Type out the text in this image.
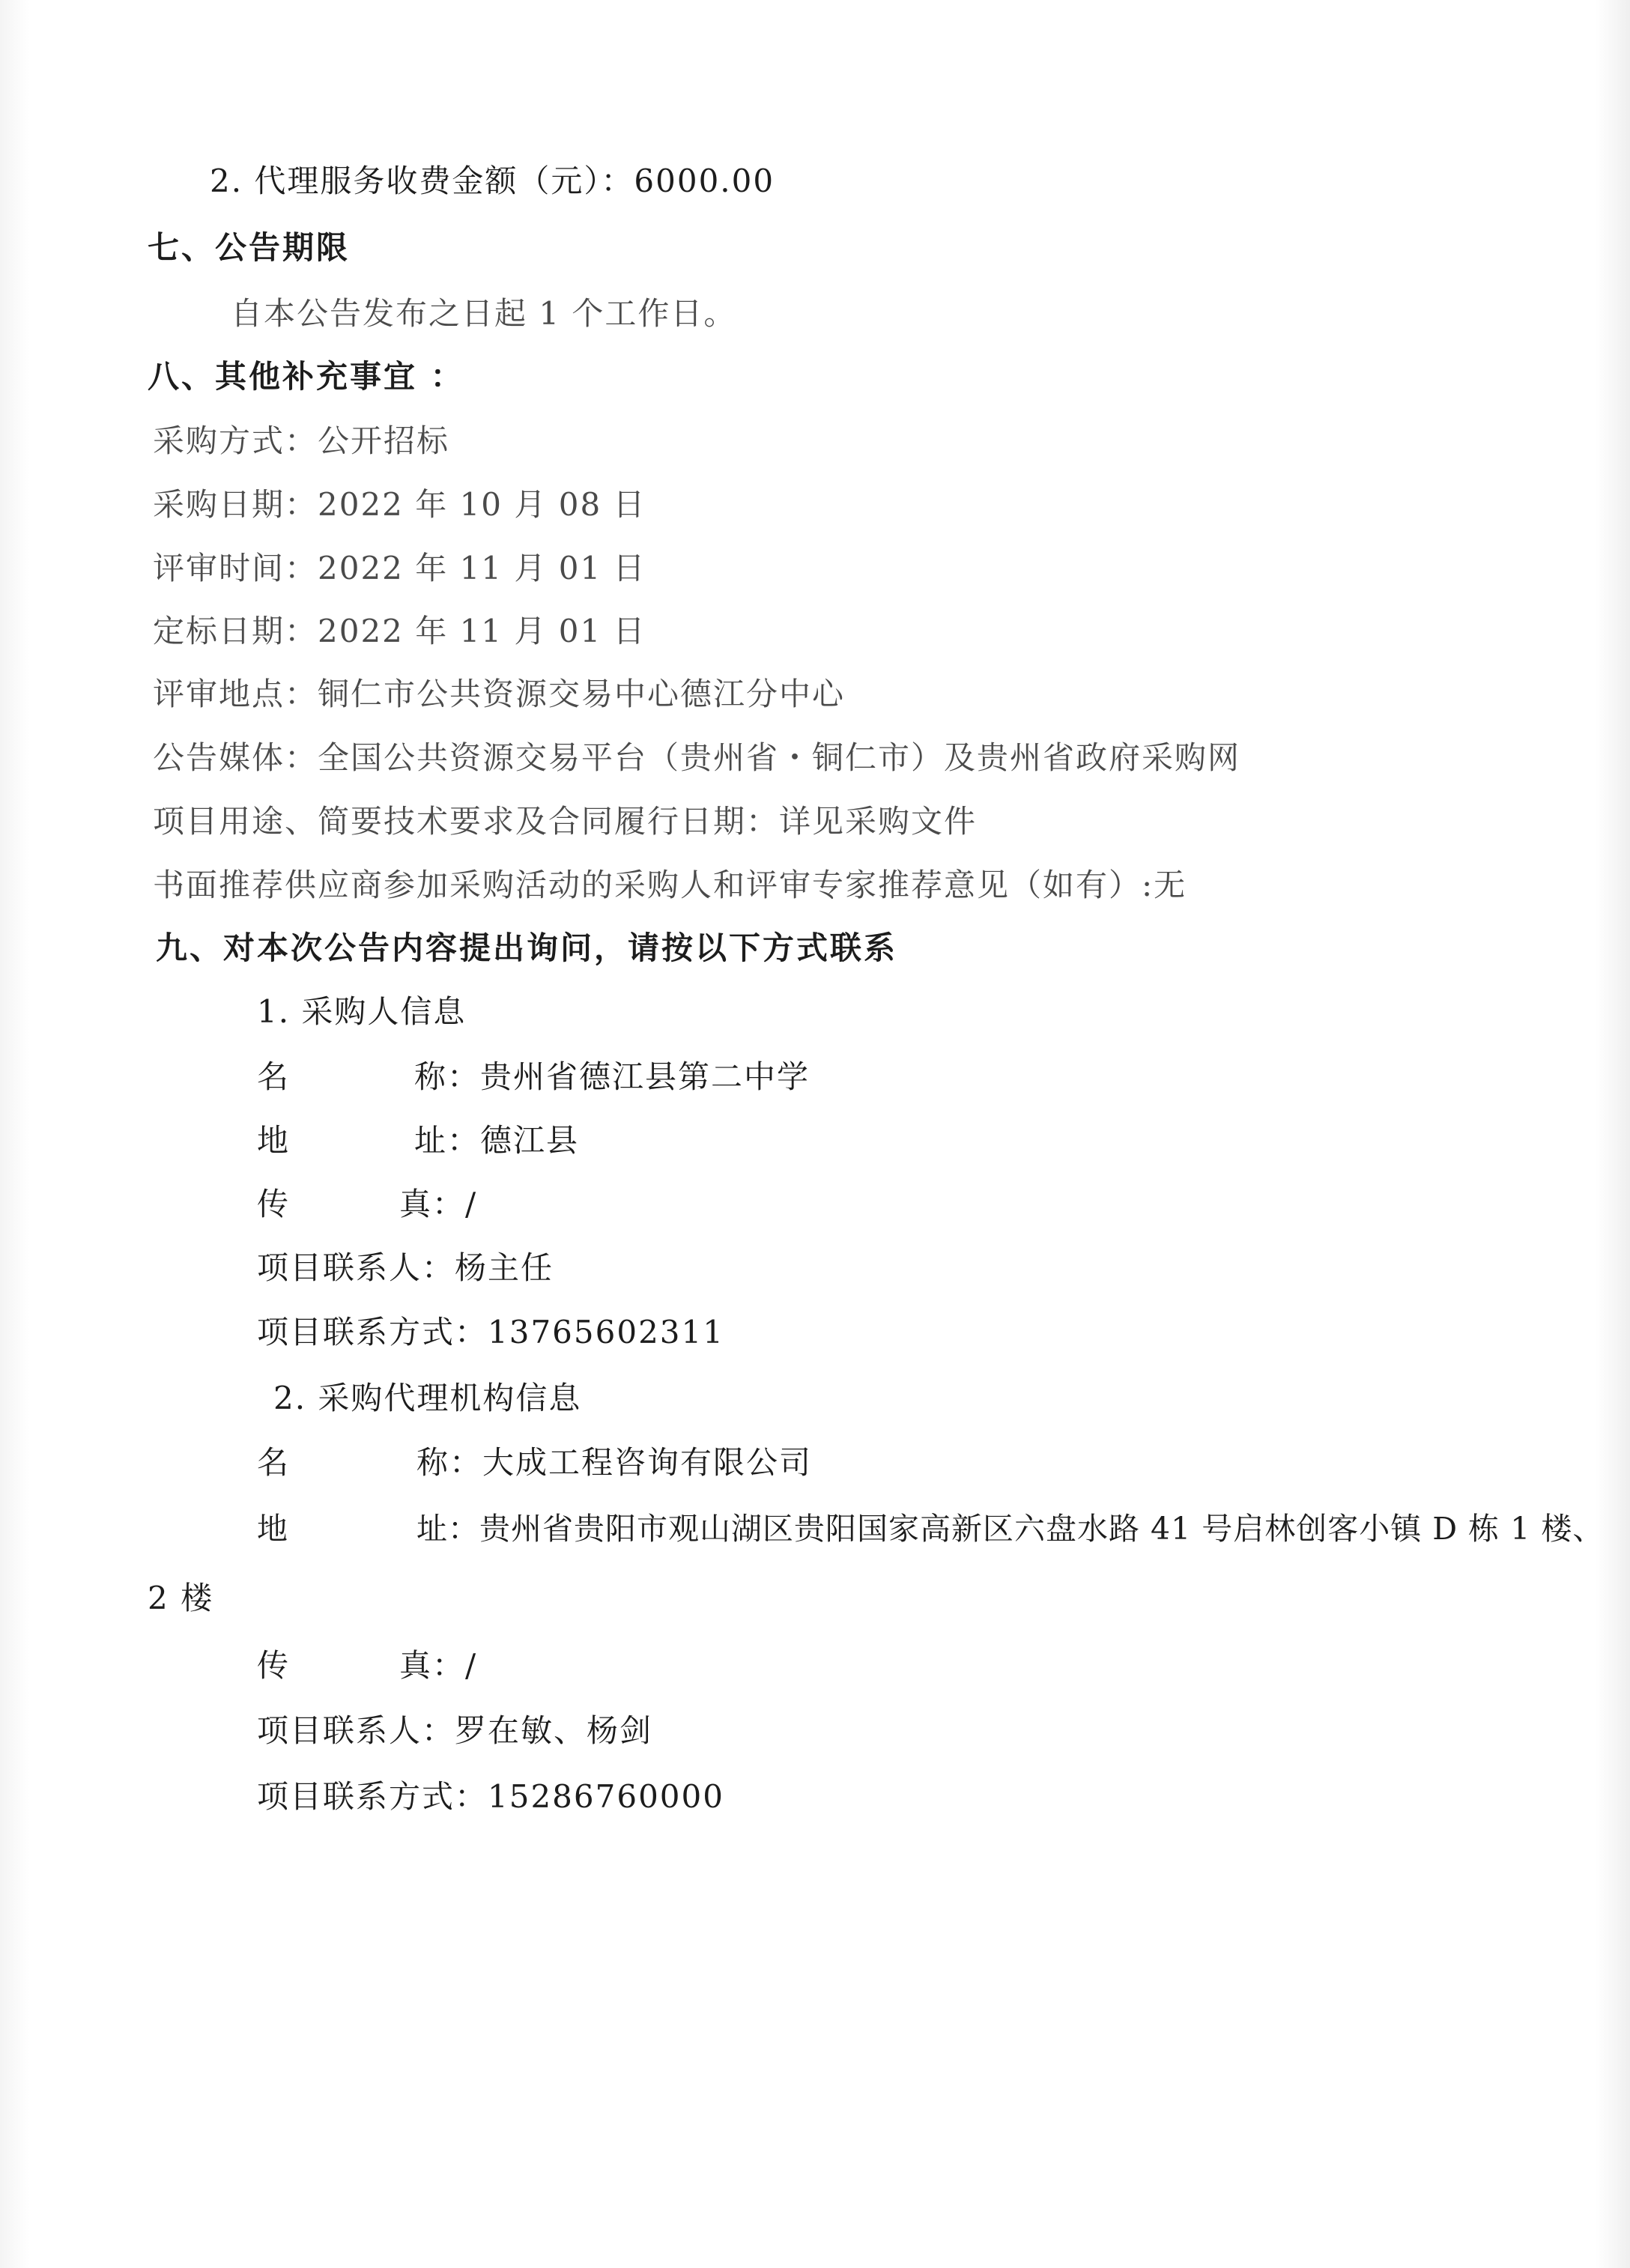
2. 代理服务收费金额（元）：6000.00
七、公告期限
自本公告发布之日起 1 个工作日。
八、其他补充事宜 ：
采购方式：公开招标
采购日期：2022 年 10 月 08 日
评审时间：2022 年 11 月 01 日
定标日期：2022 年 11 月 01 日
评审地点：铜仁市公共资源交易中心德江分中心
公告媒体：全国公共资源交易平台（贵州省・铜仁市）及贵州省政府采购网
项目用途、简要技术要求及合同履行日期：详见采购文件
书面推荐供应商参加采购活动的采购人和评审专家推荐意见（如有）:无
九、对本次公告内容提出询问，请按以下方式联系
1. 采购人信息
名	称：贵州省德江县第二中学
地	址：德江县
传	真：/
项目联系人：杨主任
项目联系方式：13765602311
2. 采购代理机构信息
名	称：大成工程咨询有限公司
地	址：贵州省贵阳市观山湖区贵阳国家高新区六盘水路 41 号启林创客小镇 D 栋 1 楼、
2 楼
传	真：/
项目联系人：罗在敏、杨剑
项目联系方式：15286760000
